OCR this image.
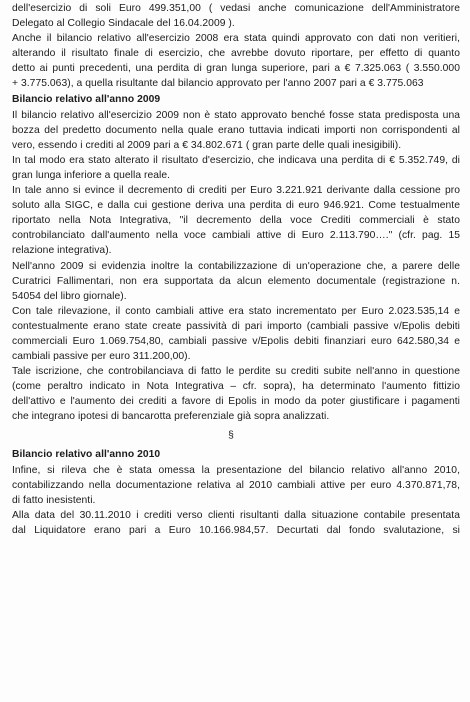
dell'esercizio di soli Euro 499.351,00 ( vedasi anche comunicazione dell'Amministratore
Delegato al Collegio Sindacale del 16.04.2009 ).
Anche il bilancio relativo all'esercizio 2008 era stata quindi approvato con dati non veritieri,
alterando il risultato finale di esercizio, che avrebbe dovuto riportare, per effetto di quanto
detto ai punti precedenti, una perdita di gran lunga superiore, pari a € 7.325.063 ( 3.550.000
+ 3.775.063), a quella risultante dal bilancio approvato per l'anno 2007 pari a € 3.775.063
Bilancio relativo all'anno 2009
Il bilancio relativo all'esercizio 2009 non è stato approvato benché fosse stata predisposta una
bozza del predetto documento nella quale erano tuttavia indicati importi non corrispondenti al
vero, essendo i crediti al 2009 pari a € 34.802.671 ( gran parte delle quali inesigibili).
In tal modo era stato alterato il risultato d'esercizio, che indicava una perdita di € 5.352.749, di
gran lunga inferiore a quella reale.
In tale anno si evince il decremento di crediti per Euro 3.221.921 derivante dalla cessione pro
soluto alla SIGC, e dalla cui gestione deriva una perdita di euro 946.921. Come testualmente
riportato nella Nota Integrativa, "il decremento della voce Crediti commerciali è stato
controbilanciato dall'aumento nella voce cambiali attive di Euro 2.113.790…." (cfr. pag. 15
relazione integrativa).
Nell'anno 2009 si evidenzia inoltre la contabilizzazione di un'operazione che, a parere delle
Curatrici Fallimentari, non era supportata da alcun elemento documentale (registrazione n.
54054 del libro giornale).
Con tale rilevazione, il conto cambiali attive era stato incrementato per Euro 2.023.535,14 e
contestualmente erano state create passività di pari importo (cambiali passive v/Epolis debiti
commerciali Euro 1.069.754,80, cambiali passive v/Epolis debiti finanziari euro 642.580,34 e
cambiali passive per euro 311.200,00).
Tale iscrizione, che controbilanciava di fatto le perdite su crediti subite nell'anno in questione
(come peraltro indicato in Nota Integrativa – cfr. sopra), ha determinato l'aumento fittizio
dell'attivo e l'aumento dei crediti a favore di Epolis in modo da poter giustificare i pagamenti
che integrano ipotesi di bancarotta preferenziale già sopra analizzati.
§
Bilancio relativo all'anno 2010
Infine, si rileva che è stata omessa la presentazione del bilancio relativo all'anno 2010,
contabilizzando nella documentazione relativa al 2010 cambiali attive per euro 4.370.871,78,
di fatto inesistenti.
Alla data del 30.11.2010 i crediti verso clienti risultanti dalla situazione contabile presentata
dal Liquidatore erano pari a Euro 10.166.984,57. Decurtati dal fondo svalutazione, si
